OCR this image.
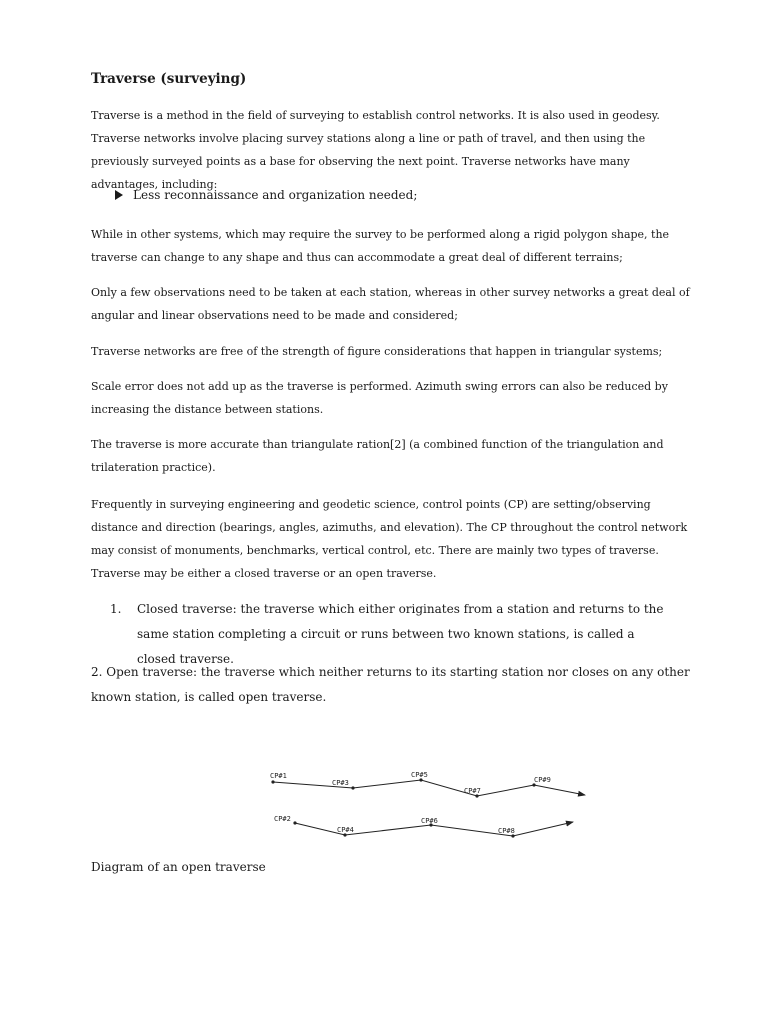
Traverse (surveying)

Traverse is a method in the field of surveying to establish control networks. It is also used in geodesy. Traverse networks involve placing survey stations along a line or path of travel, and then using the previously surveyed points as a base for observing the next point. Traverse networks have many advantages, including:

Less reconnaissance and organization needed;

While in other systems, which may require the survey to be performed along a rigid polygon shape, the traverse can change to any shape and thus can accommodate a great deal of different terrains;

Only a few observations need to be taken at each station, whereas in other survey networks a great deal of angular and linear observations need to be made and considered;

Traverse networks are free of the strength of figure considerations that happen in triangular systems;

Scale error does not add up as the traverse is performed. Azimuth swing errors can also be reduced by increasing the distance between stations.

The traverse is more accurate than triangulate ration[2] (a combined function of the triangulation and trilateration practice).

Frequently in surveying engineering and geodetic science, control points (CP) are setting/observing distance and direction (bearings, angles, azimuths, and elevation). The CP throughout the control network may consist of monuments, benchmarks, vertical control, etc. There are mainly two types of traverse. Traverse may be either a closed traverse or an open traverse.

1. Closed traverse: the traverse which either originates from a station and returns to the same station completing a circuit or runs between two known stations, is called a closed traverse.

2. Open traverse: the traverse which neither returns to its starting station nor closes on any other known station, is called open traverse.

CP#1
CP#3
CP#5
CP#7
CP#9
CP#2
CP#4
CP#6
CP#8
Diagram of an open traverse
